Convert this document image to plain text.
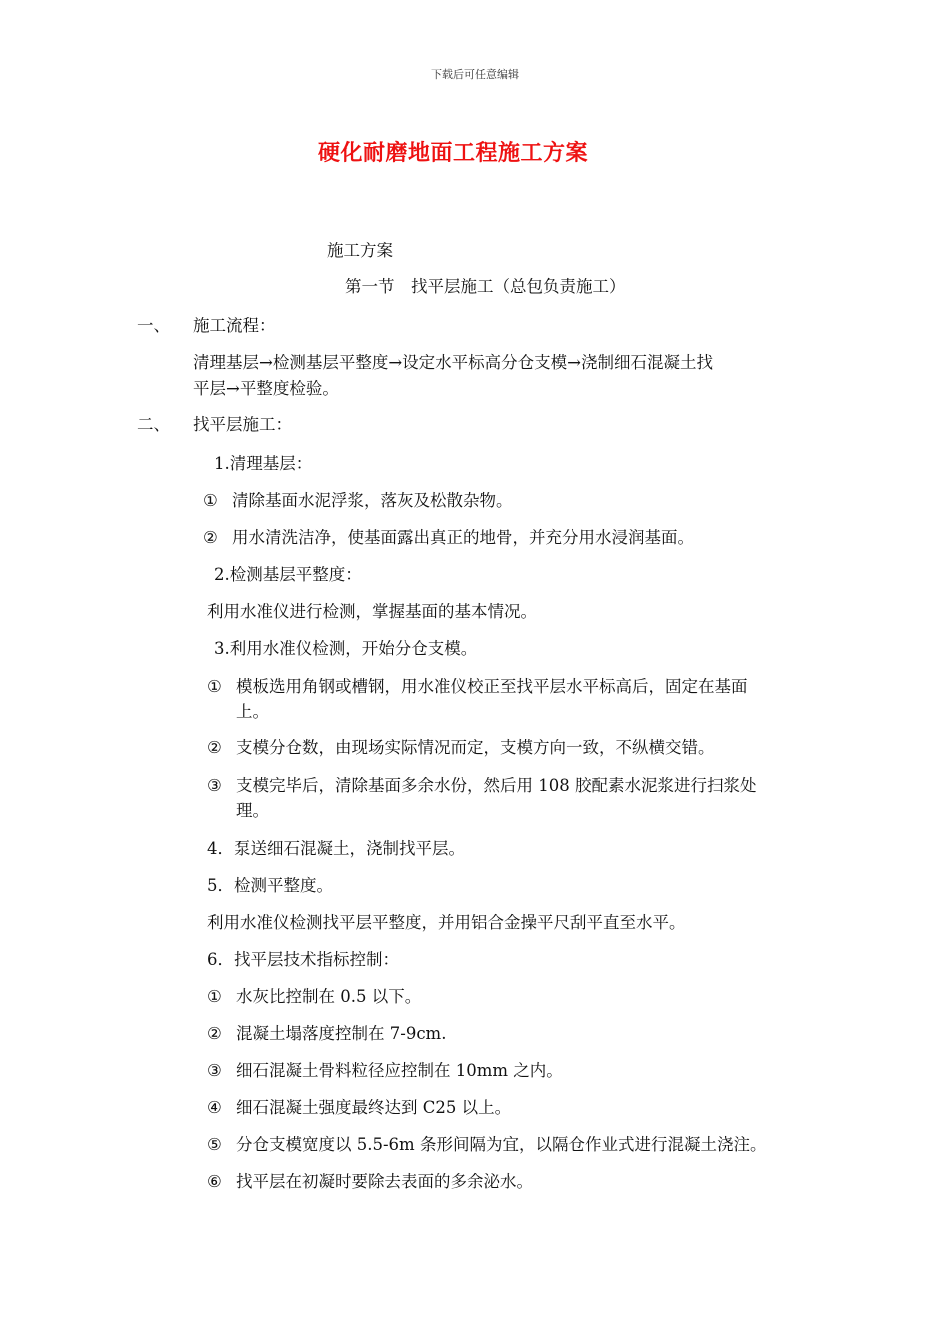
下载后可任意编辑
硬化耐磨地面工程施工方案
施工方案
第一节　找平层施工（总包负责施工）
一、 施工流程：
清理基层→检测基层平整度→设定水平标高分仓支模→浇制细石混凝土找
平层→平整度检验。
二、 找平层施工：
1.清理基层：
① 清除基面水泥浮浆，落灰及松散杂物。
② 用水清洗洁净，使基面露出真正的地骨，并充分用水浸润基面。
2.检测基层平整度：
利用水准仪进行检测，掌握基面的基本情况。
3.利用水准仪检测，开始分仓支模。
① 模板选用角钢或槽钢，用水准仪校正至找平层水平标高后，固定在基面
上。
② 支模分仓数，由现场实际情况而定，支模方向一致，不纵横交错。
③ 支模完毕后，清除基面多余水份，然后用 108 胶配素水泥浆进行扫浆处
理。
4．泵送细石混凝土，浇制找平层。
5．检测平整度。
利用水准仪检测找平层平整度，并用铝合金操平尺刮平直至水平。
6．找平层技术指标控制：
① 水灰比控制在 0.5 以下。
② 混凝土塌落度控制在 7-9cm.
③ 细石混凝土骨料粒径应控制在 10mm 之内。
④ 细石混凝土强度最终达到 C25 以上。
⑤ 分仓支模宽度以 5.5-6m 条形间隔为宜，以隔仓作业式进行混凝土浇注。
⑥ 找平层在初凝时要除去表面的多余泌水。
